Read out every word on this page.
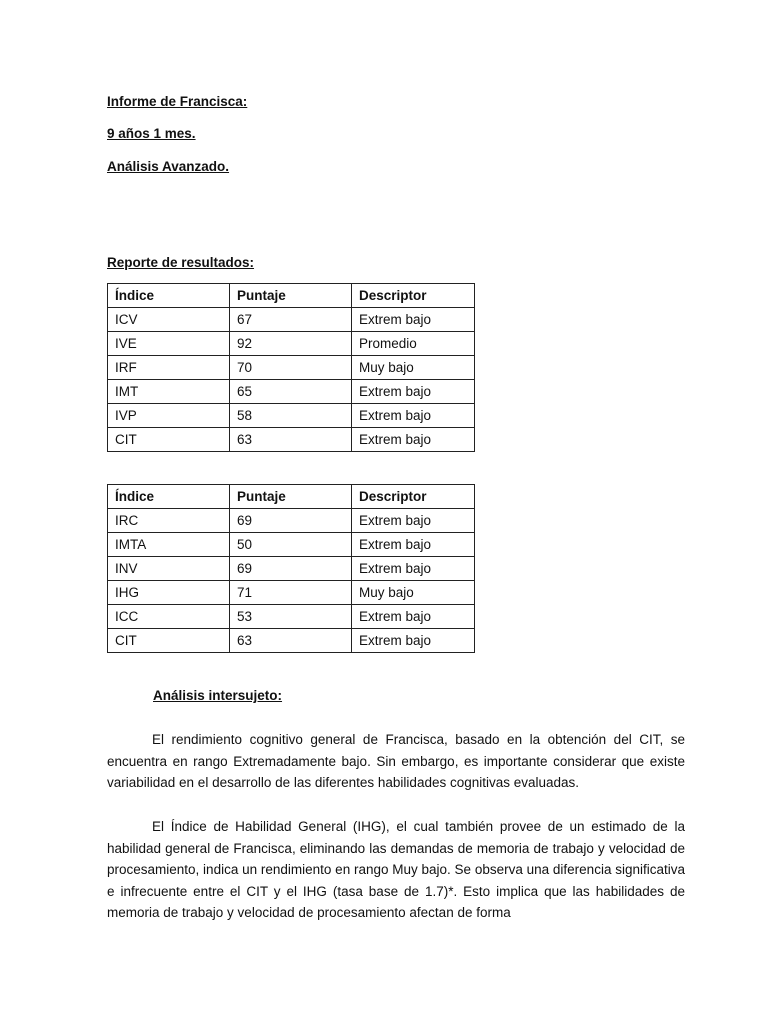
Informe de Francisca:
9 años 1 mes.
Análisis Avanzado.
Reporte de resultados:
Índice	Puntaje	Descriptor
ICV	67	Extrem bajo
IVE	92	Promedio
IRF	70	Muy bajo
IMT	65	Extrem bajo
IVP	58	Extrem bajo
CIT	63	Extrem bajo
Índice	Puntaje	Descriptor
IRC	69	Extrem bajo
IMTA	50	Extrem bajo
INV	69	Extrem bajo
IHG	71	Muy bajo
ICC	53	Extrem bajo
CIT	63	Extrem bajo
Análisis intersujeto:

El rendimiento cognitivo general de Francisca, basado en la obtención del CIT, se encuentra en rango Extremadamente bajo. Sin embargo, es importante considerar que existe variabilidad en el desarrollo de las diferentes habilidades cognitivas evaluadas.

El Índice de Habilidad General (IHG), el cual también provee de un estimado de la habilidad general de Francisca, eliminando las demandas de memoria de trabajo y velocidad de procesamiento, indica un rendimiento en rango Muy bajo. Se observa una diferencia significativa e infrecuente entre el CIT y el IHG (tasa base de 1.7)*. Esto implica que las habilidades de memoria de trabajo y velocidad de procesamiento afectan de forma
